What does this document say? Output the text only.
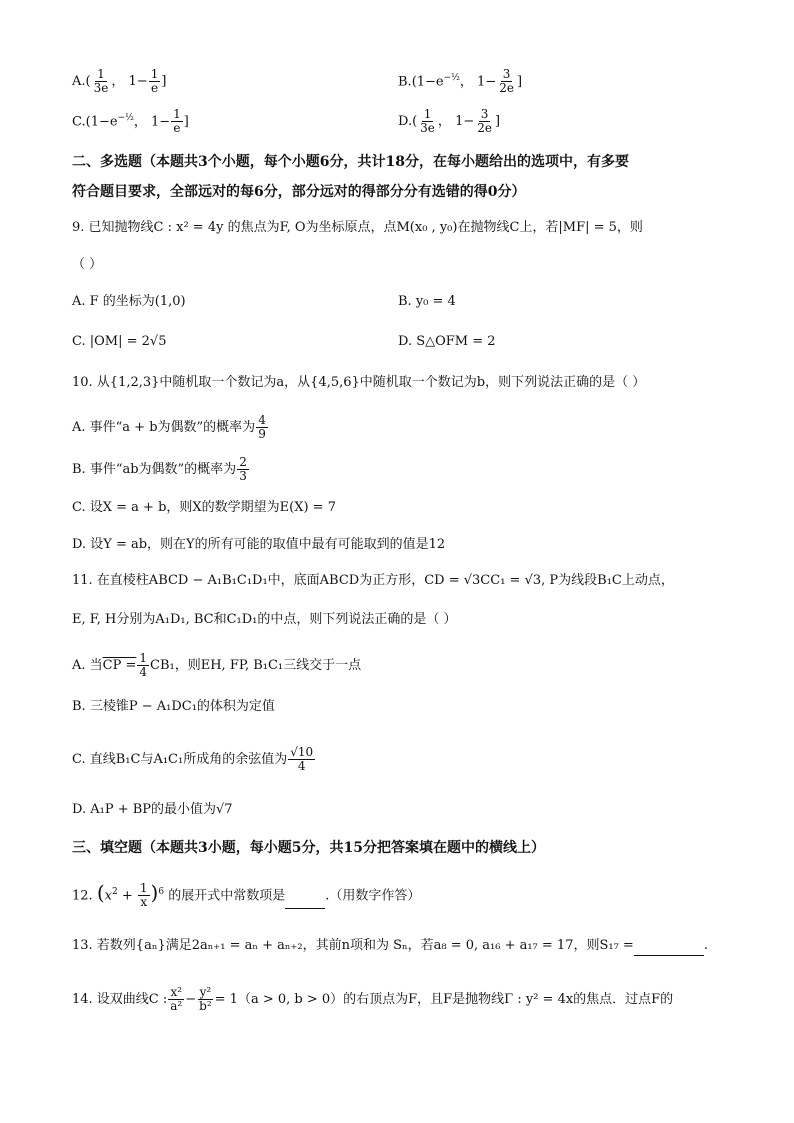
$A.( \frac{1}{3e}$ ， $1- \frac{1}{e}$ ]	$B.(1-e^{-\frac{1}{2}}$， $1- \frac{3}{2e}$ ]
$C.(1-e^{-\frac{1}{2}}$， $1- \frac{1}{e}$ ]	$D.( \frac{1}{3e}$ ， $1- \frac{3}{2e}$ ]
二、多选题（本题共3个小题，每个小题6分，共计18分，在每小题给出的选项中，有多要
符合题目要求，全部远对的每6分，部分远对的得部分分有选错的得0分）
9. 已知抛物线C : x² = 4y 的焦点为F, O为坐标原点，点M(x₀ , y₀)在抛物线C上，若|MF| = 5，则
（ ）
A. F 的坐标为(1,0)	B. y₀ = 4
C. |OM| = 2√5	D. S△OFM = 2
10. 从{1,2,3}中随机取一个数记为a，从{4,5,6}中随机取一个数记为b，则下列说法正确的是（ ）
A. 事件“a + b为偶数”的概率为 $\frac{4}{9}$
B. 事件“ab为偶数”的概率为 $\frac{2}{3}$
C. 设X = a + b，则X的数学期望为E(X) = 7
D. 设Y = ab，则在Y的所有可能的取值中最有可能取到的值是12
11. 在直棱柱ABCD − A₁B₁C₁D₁中，底面ABCD为正方形，CD = √3CC₁ = √3, P为线段B₁C上动点，
E, F, H分别为A₁D₁, BC和C₁D₁的中点，则下列说法正确的是（ ）
A. 当CP = $\frac{1}{4} CB_1$，则EH, FP, B₁C₁三线交于一点
B. 三棱锥P − A₁DC₁的体积为定值
C. 直线B₁C与A₁C₁所成角的余弦值为 $\frac{√10}{4}$
D. A₁P + BP的最小值为√7
三、填空题（本题共3小题，每小题5分，共15分把答案填在题中的横线上）
12. $(x^2 + \frac{1}{x} )^6$ 的展开式中常数项是	.（用数字作答）
13. 若数列{aₙ}满足2aₙ₊₁ = aₙ + aₙ₊₂，其前n项和为 Sₙ，若a₈ = 0, a₁₆ + a₁₇ = 17，则S₁₇ =	.
14. 设双曲线C : $\frac{\text{x²}}{\text{a²}} - \frac{\text{y²}}{\text{b²}} = 1(a > 0$, b > 0）的右顶点为F，且F是抛物线Γ : y² = 4x的焦点．过点F的
